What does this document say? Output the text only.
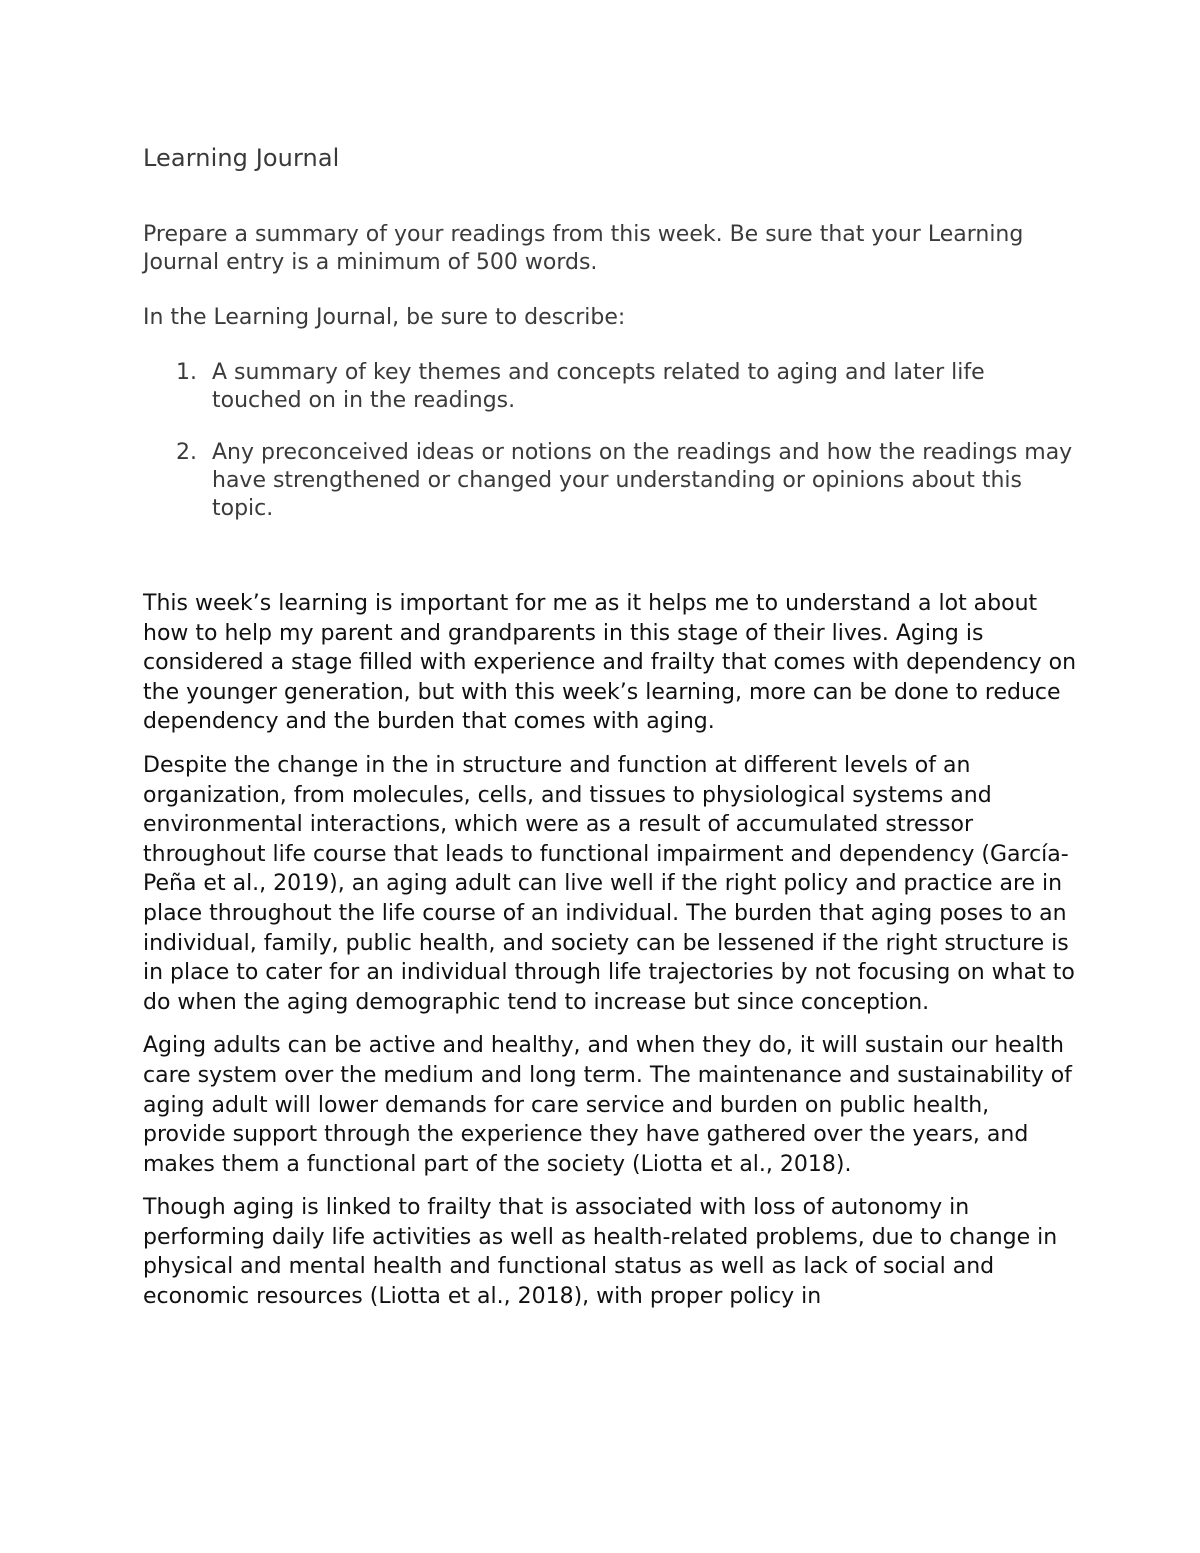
Learning Journal

Prepare a summary of your readings from this week. Be sure that your Learning Journal entry is a minimum of 500 words.

In the Learning Journal, be sure to describe:

1. A summary of key themes and concepts related to aging and later life touched on in the readings.
2. Any preconceived ideas or notions on the readings and how the readings may have strengthened or changed your understanding or opinions about this topic.

This week’s learning is important for me as it helps me to understand a lot about how to help my parent and grandparents in this stage of their lives. Aging is considered a stage filled with experience and frailty that comes with dependency on the younger generation, but with this week’s learning, more can be done to reduce dependency and the burden that comes with aging.

Despite the change in the in structure and function at different levels of an organization, from molecules, cells, and tissues to physiological systems and environmental interactions, which were as a result of accumulated stressor throughout life course that leads to functional impairment and dependency (García-Peña et al., 2019), an aging adult can live well if the right policy and practice are in place throughout the life course of an individual. The burden that aging poses to an individual, family, public health, and society can be lessened if the right structure is in place to cater for an individual through life trajectories by not focusing on what to do when the aging demographic tend to increase but since conception.

Aging adults can be active and healthy, and when they do, it will sustain our health care system over the medium and long term. The maintenance and sustainability of aging adult will lower demands for care service and burden on public health, provide support through the experience they have gathered over the years, and makes them a functional part of the society (Liotta et al., 2018).

Though aging is linked to frailty that is associated with loss of autonomy in performing daily life activities as well as health-related problems, due to change in physical and mental health and functional status as well as lack of social and economic resources (Liotta et al., 2018), with proper policy in
